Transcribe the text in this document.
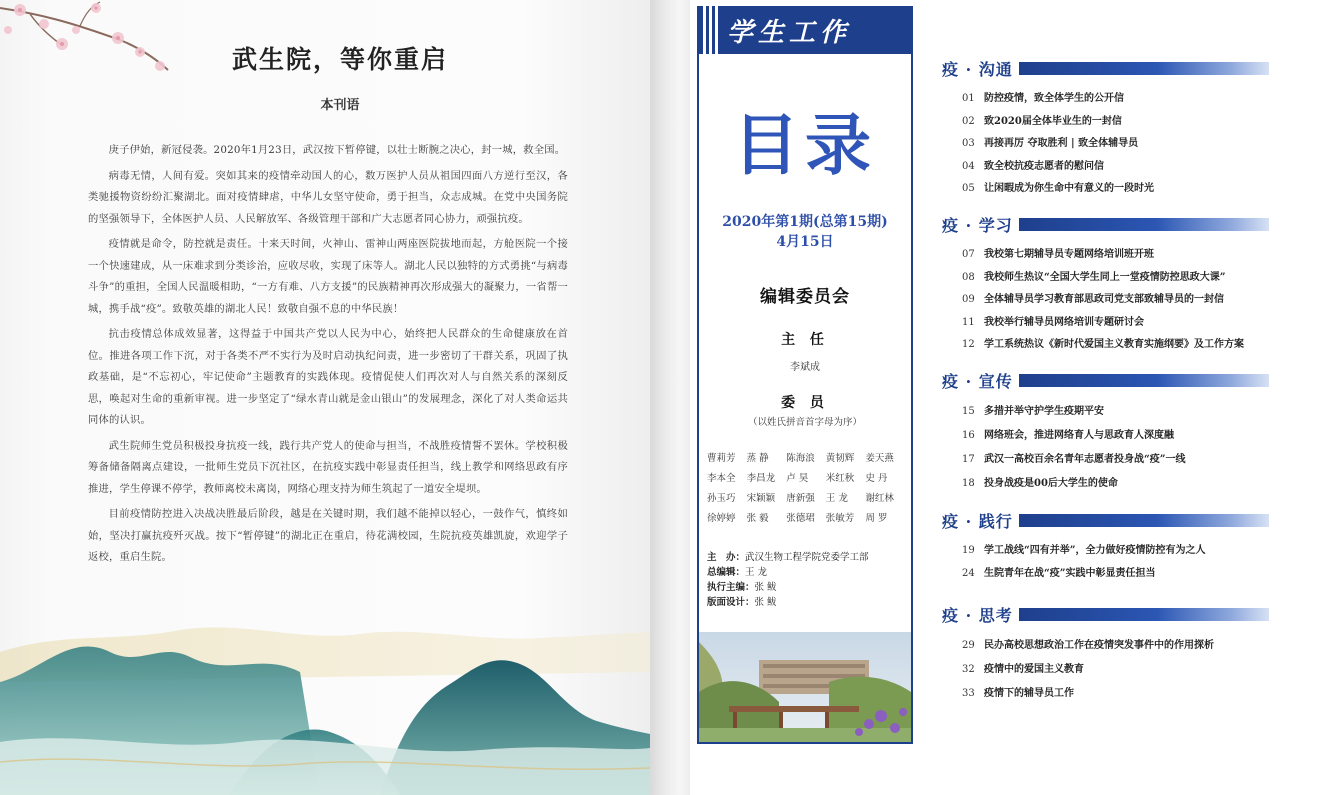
武生院，等你重启
本刊语

庚子伊始，新冠侵袭。2020年1月23日，武汉按下暂停键，以壮士断腕之决心，封一城，救全国。

病毒无情，人间有爱。突如其来的疫情牵动国人的心，数万医护人员从祖国四面八方逆行至汉，各类驰援物资纷纷汇聚湖北。面对疫情肆虐，中华儿女坚守使命，勇于担当，众志成城。在党中央国务院的坚强领导下，全体医护人员、人民解放军、各级管理干部和广大志愿者同心协力，顽强抗疫。

疫情就是命令，防控就是责任。十来天时间，火神山、雷神山两座医院拔地而起，方舱医院一个接一个快速建成，从一床难求到分类诊治，应收尽收，实现了床等人。湖北人民以独特的方式勇挑“与病毒斗争”的重担，全国人民温暖相助，“一方有难、八方支援”的民族精神再次形成强大的凝聚力，一省帮一城，携手战“疫”。致敬英雄的湖北人民！致敬自强不息的中华民族！

抗击疫情总体成效显著，这得益于中国共产党以人民为中心，始终把人民群众的生命健康放在首位。推进各项工作下沉，对于各类不严不实行为及时启动执纪问责，进一步密切了干群关系，巩固了执政基础，是“不忘初心，牢记使命”主题教育的实践体现。疫情促使人们再次对人与自然关系的深刻反思，唤起对生命的重新审视。进一步坚定了“绿水青山就是金山银山”的发展理念，深化了对人类命运共同体的认识。

武生院师生党员积极投身抗疫一线，践行共产党人的使命与担当，不战胜疫情誓不罢休。学校积极筹备储备隔离点建设，一批师生党员下沉社区，在抗疫实践中彰显责任担当，线上教学和网络思政有序推进，学生停课不停学，教师离校未离岗，网络心理支持为师生筑起了一道安全堤坝。

目前疫情防控进入决战决胜最后阶段，越是在关键时期，我们越不能掉以轻心，一鼓作气，慎终如始，坚决打赢抗疫歼灭战。按下“暂停键”的湖北正在重启，待花满校园，生院抗疫英雄凯旋，欢迎学子返校，重启生院。

学生工作
目录
2020年第1期(总第15期)
4月15日
编辑委员会
主 任
李斌成
委 员
（以姓氏拼音首字母为序）
曹莉芳	蒸 静	陈海浪	黄韧辉	姜天燕
李本全	李昌龙	卢 昊	米红秋	史 丹
孙玉巧	宋颖颖	唐新强	王 龙	谢红林
徐婷婷	张 毅	张德珺	张敏芳	周 罗
主　办：武汉生物工程学院党委学工部
总编辑：王 龙
执行主编：张 鲅
版面设计：张 鲅
疫 · 沟通
01 防控疫情，致全体学生的公开信
02 致2020届全体毕业生的一封信
03 再接再厉 夺取胜利 | 致全体辅导员
04 致全校抗疫志愿者的慰问信
05 让闲暇成为你生命中有意义的一段时光
疫 · 学习
07 我校第七期辅导员专题网络培训班开班
08 我校师生热议“全国大学生同上一堂疫情防控思政大课”
09 全体辅导员学习教育部思政司党支部致辅导员的一封信
11 我校举行辅导员网络培训专题研讨会
12 学工系统热议《新时代爱国主义教育实施纲要》及工作方案
疫 · 宣传
15 多措并举守护学生疫期平安
16 网络班会，推进网络育人与思政育人深度融
17 武汉一高校百余名青年志愿者投身战“疫”一线
18 投身战疫是00后大学生的使命
疫 · 践行
19 学工战线“四有并举”，全力做好疫情防控有为之人
24 生院青年在战“疫”实践中彰显责任担当
疫 · 思考
29 民办高校思想政治工作在疫情突发事件中的作用探析
32 疫情中的爱国主义教育
33 疫情下的辅导员工作
